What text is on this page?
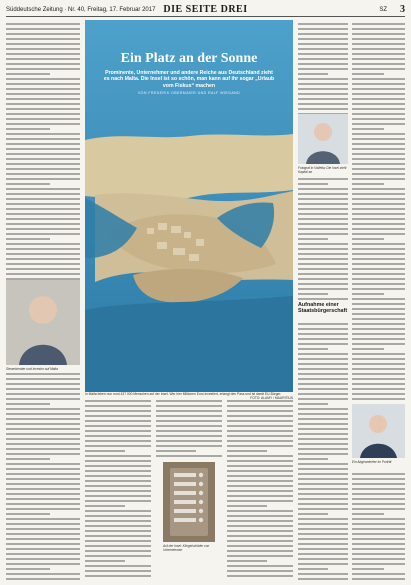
Süddeutsche Zeitung · Nr. 40, Freitag, 17. Februar 2017 DIE SEITE DREI	SZ 3
Ein Platz an der Sonne
Prominente, Unternehmer und andere Reiche aus Deutschland zieht es nach Malta. Die Insel ist so schön, man kann auf ihr sogar „Urlaub vom Fiskus“ machen
VON FREDERIK OBERMAIER UND RALF WIEGAND
In Malta leben nun rund 437 000 Menschen auf der Insel. Wer hier Millionen Euro investiert, erlangt den Pass und ist damit EU-Bürger.
FOTO: ALAMY / MAURITIUS
Steuerberater und Investor auf Malta
Auf der Insel: Klingelschilder von Unternehmen
Fotograf in Valletta: Die Insel zieht Kapital an
Aufnahme einer Staatsbürgerschaft
Ein Abgeordneter im Porträt
